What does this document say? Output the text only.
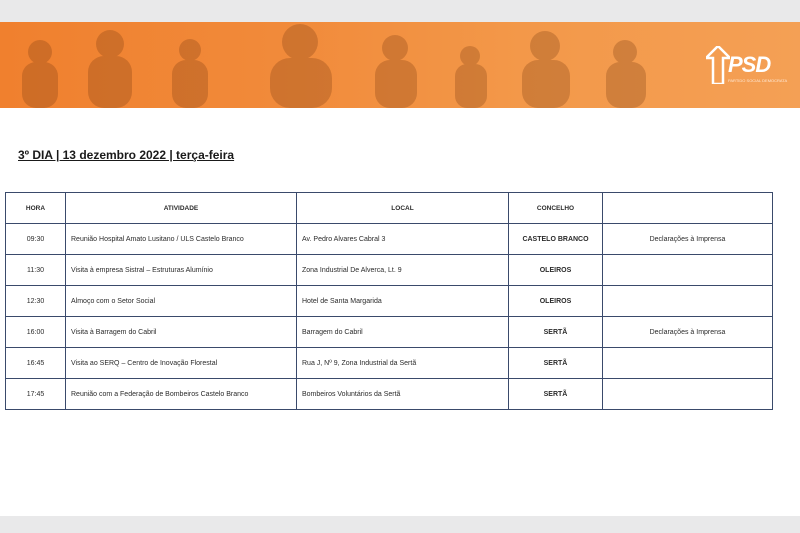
PSD
PARTIDO SOCIAL DEMOCRATA
3º DIA | 13 dezembro 2022 | terça-feira
HORA	ATIVIDADE	LOCAL	CONCELHO	
09:30	Reunião Hospital Amato Lusitano / ULS Castelo Branco	Av. Pedro Alvares Cabral 3	CASTELO BRANCO	Declarações à Imprensa
11:30	Visita à empresa Sistral – Estruturas Alumínio	Zona Industrial De Alverca, Lt. 9	OLEIROS	
12:30	Almoço com o Setor Social	Hotel de Santa Margarida	OLEIROS	
16:00	Visita à Barragem do Cabril	Barragem do Cabril	SERTÃ	Declarações à Imprensa
16:45	Visita ao SERQ – Centro de Inovação Florestal	Rua J, Nº 9, Zona Industrial da Sertã	SERTÃ	
17:45	Reunião com a Federação de Bombeiros Castelo Branco	Bombeiros Voluntários da Sertã	SERTÃ	
